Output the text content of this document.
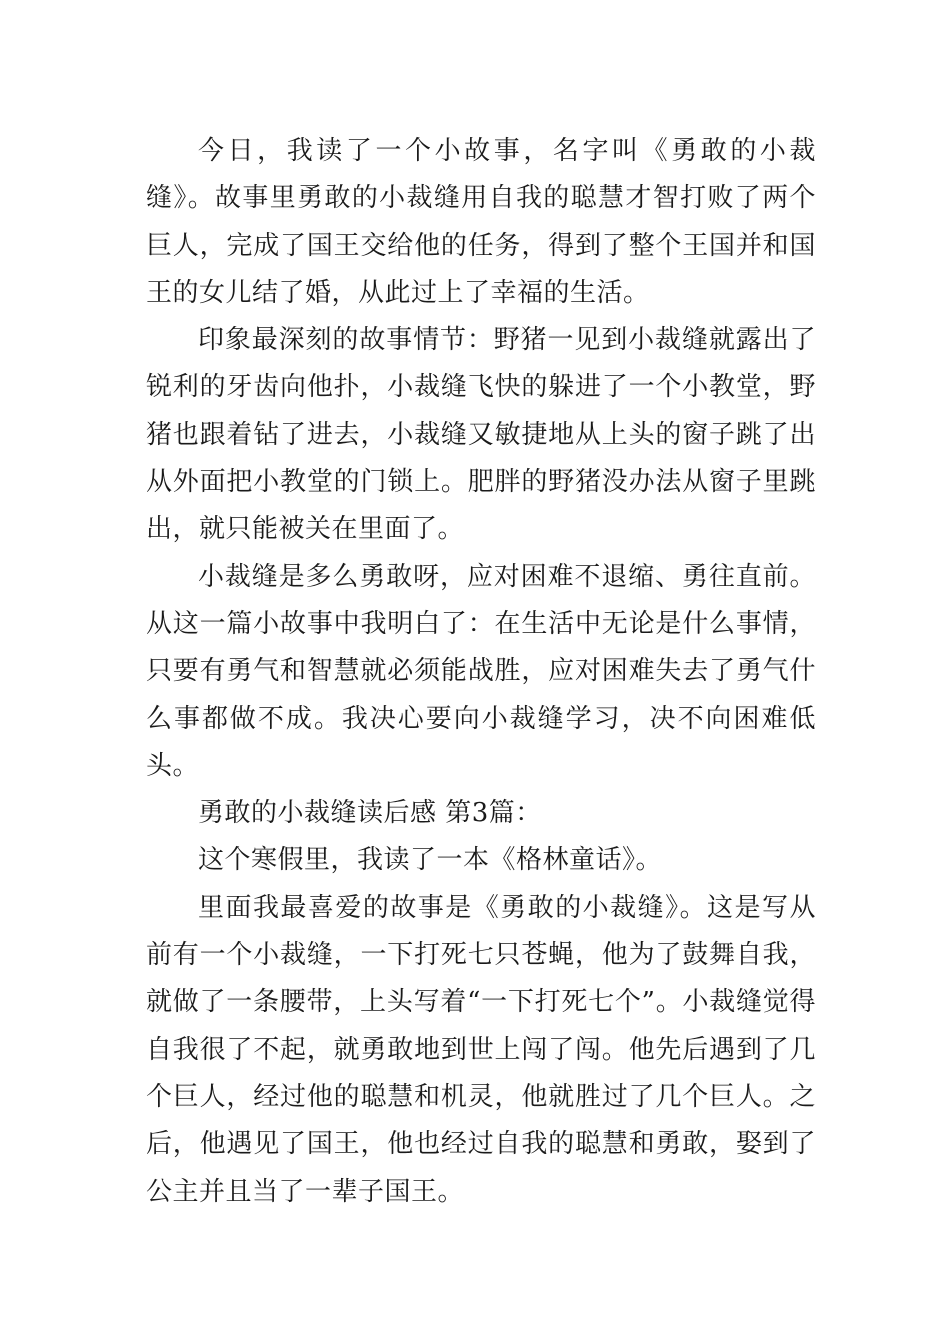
今日，我读了一个小故事，名字叫《勇敢的小裁缝》。故事里勇敢的小裁缝用自我的聪慧才智打败了两个巨人，完成了国王交给他的任务，得到了整个王国并和国王的女儿结了婚，从此过上了幸福的生活。

印象最深刻的故事情节：野猪一见到小裁缝就露出了锐利的牙齿向他扑，小裁缝飞快的躲进了一个小教堂，野猪也跟着钻了进去，小裁缝又敏捷地从上头的窗子跳了出从外面把小教堂的门锁上。肥胖的野猪没办法从窗子里跳出，就只能被关在里面了。

小裁缝是多么勇敢呀，应对困难不退缩、勇往直前。从这一篇小故事中我明白了：在生活中无论是什么事情，只要有勇气和智慧就必须能战胜，应对困难失去了勇气什么事都做不成。我决心要向小裁缝学习，决不向困难低头。

勇敢的小裁缝读后感 第3篇：

这个寒假里，我读了一本《格林童话》。

里面我最喜爱的故事是《勇敢的小裁缝》。这是写从前有一个小裁缝，一下打死七只苍蝇，他为了鼓舞自我，就做了一条腰带，上头写着“一下打死七个”。小裁缝觉得自我很了不起，就勇敢地到世上闯了闯。他先后遇到了几个巨人，经过他的聪慧和机灵，他就胜过了几个巨人。之后，他遇见了国王，他也经过自我的聪慧和勇敢，娶到了公主并且当了一辈子国王。
